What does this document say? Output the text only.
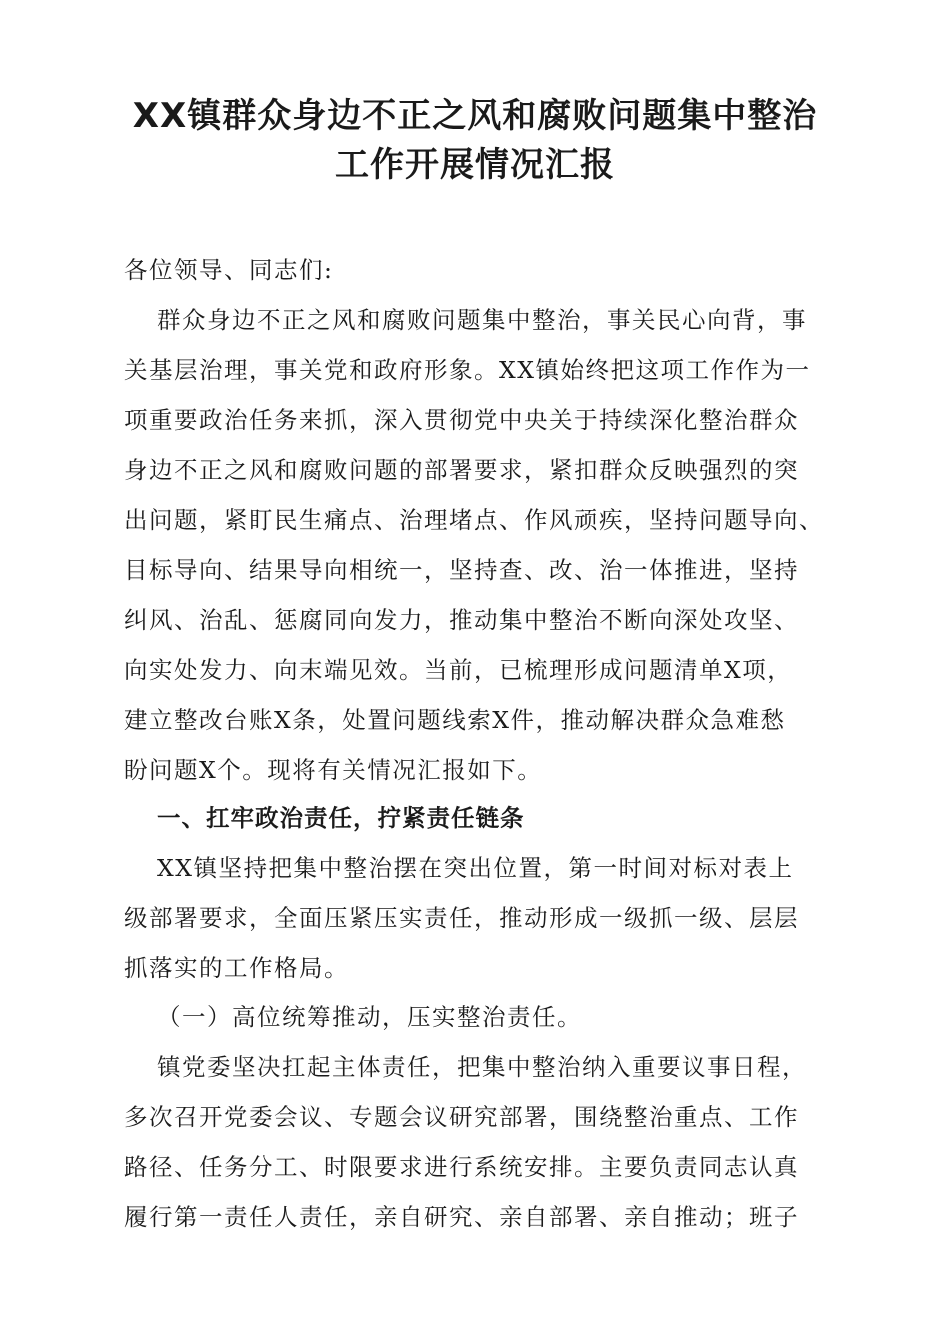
XX镇群众身边不正之风和腐败问题集中整治
工作开展情况汇报

各位领导、同志们:

群众身边不正之风和腐败问题集中整治，事关民心向背，事

关基层治理，事关党和政府形象。XX镇始终把这项工作作为一

项重要政治任务来抓，深入贯彻党中央关于持续深化整治群众

身边不正之风和腐败问题的部署要求，紧扣群众反映强烈的突

出问题，紧盯民生痛点、治理堵点、作风顽疾，坚持问题导向、

目标导向、结果导向相统一，坚持查、改、治一体推进，坚持

纠风、治乱、惩腐同向发力，推动集中整治不断向深处攻坚、

向实处发力、向末端见效。当前，已梳理形成问题清单X项，

建立整改台账X条，处置问题线索X件，推动解决群众急难愁

盼问题X个。现将有关情况汇报如下。

一、扛牢政治责任，拧紧责任链条

XX镇坚持把集中整治摆在突出位置，第一时间对标对表上

级部署要求，全面压紧压实责任，推动形成一级抓一级、层层

抓落实的工作格局。

（一）高位统筹推动，压实整治责任。

镇党委坚决扛起主体责任，把集中整治纳入重要议事日程，

多次召开党委会议、专题会议研究部署，围绕整治重点、工作

路径、任务分工、时限要求进行系统安排。主要负责同志认真

履行第一责任人责任，亲自研究、亲自部署、亲自推动；班子
